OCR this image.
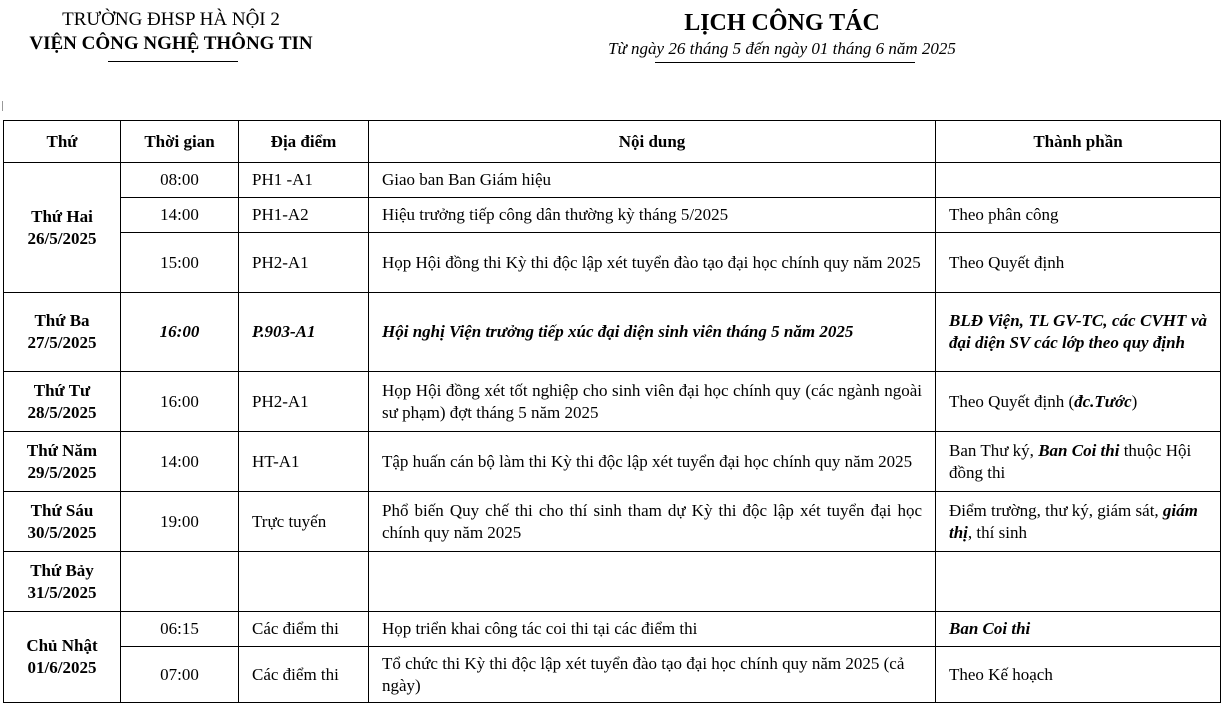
TRƯỜNG ĐHSP HÀ NỘI 2
VIỆN CÔNG NGHỆ THÔNG TIN
LỊCH CÔNG TÁC
Từ ngày 26 tháng 5 đến ngày 01 tháng 6 năm 2025
Thứ	Thời gian	Địa điểm	Nội dung	Thành phần
Thứ Hai
26/5/2025	08:00	PH1 -A1	Giao ban Ban Giám hiệu	
	14:00	PH1-A2	Hiệu trưởng tiếp công dân thường kỳ tháng 5/2025	Theo phân công
	15:00	PH2-A1	Họp Hội đồng thi Kỳ thi độc lập xét tuyển đào tạo đại học chính quy năm 2025	Theo Quyết định
Thứ Ba
27/5/2025	16:00	P.903-A1	Hội nghị Viện trưởng tiếp xúc đại diện sinh viên tháng 5 năm 2025	BLĐ Viện, TL GV-TC, các CVHT và đại diện SV các lớp theo quy định
Thứ Tư
28/5/2025	16:00	PH2-A1	Họp Hội đồng xét tốt nghiệp cho sinh viên đại học chính quy (các ngành ngoài sư phạm) đợt tháng 5 năm 2025	Theo Quyết định (đc.Tước)
Thứ Năm
29/5/2025	14:00	HT-A1	Tập huấn cán bộ làm thi Kỳ thi độc lập xét tuyển đại học chính quy năm 2025	Ban Thư ký, Ban Coi thi thuộc Hội đồng thi
Thứ Sáu
30/5/2025	19:00	Trực tuyến	Phổ biến Quy chế thi cho thí sinh tham dự Kỳ thi độc lập xét tuyển đại học chính quy năm 2025	Điểm trường, thư ký, giám sát, giám thị, thí sinh
Thứ Bảy
31/5/2025				
Chủ Nhật
01/6/2025	06:15	Các điểm thi	Họp triển khai công tác coi thi tại các điểm thi	Ban Coi thi
	07:00	Các điểm thi	Tổ chức thi Kỳ thi độc lập xét tuyển đào tạo đại học chính quy năm 2025 (cả ngày)	Theo Kế hoạch
